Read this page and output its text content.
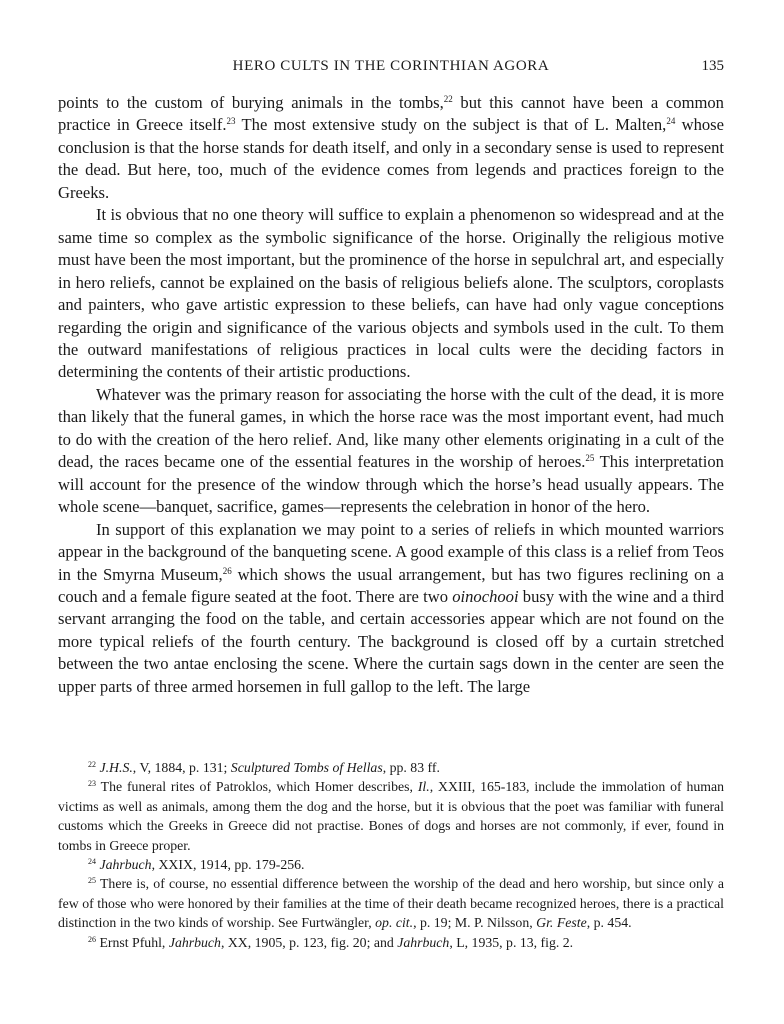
HERO CULTS IN THE CORINTHIAN AGORA	135

points to the custom of burying animals in the tombs,$^{22}$ but this cannot have been a common practice in Greece itself.$^{23}$ The most extensive study on the subject is that of L. Malten,$^{24}$ whose conclusion is that the horse stands for death itself, and only in a secondary sense is used to represent the dead. But here, too, much of the evidence comes from legends and practices foreign to the Greeks.

It is obvious that no one theory will suffice to explain a phenomenon so widespread and at the same time so complex as the symbolic significance of the horse. Originally the religious motive must have been the most important, but the prominence of the horse in sepulchral art, and especially in hero reliefs, cannot be explained on the basis of religious beliefs alone. The sculptors, coroplasts and painters, who gave artistic expression to these beliefs, can have had only vague conceptions regarding the origin and significance of the various objects and symbols used in the cult. To them the outward manifestations of religious practices in local cults were the deciding factors in determining the contents of their artistic productions.

Whatever was the primary reason for associating the horse with the cult of the dead, it is more than likely that the funeral games, in which the horse race was the most important event, had much to do with the creation of the hero relief. And, like many other elements originating in a cult of the dead, the races became one of the essential features in the worship of heroes.$^{25}$ This interpretation will account for the presence of the window through which the horse’s head usually appears. The whole scene—banquet, sacrifice, games—represents the celebration in honor of the hero.

In support of this explanation we may point to a series of reliefs in which mounted warriors appear in the background of the banqueting scene. A good example of this class is a relief from Teos in the Smyrna Museum,$^{26}$ which shows the usual arrangement, but has two figures reclining on a couch and a female figure seated at the foot. There are two oinochooi busy with the wine and a third servant arranging the food on the table, and certain accessories appear which are not found on the more typical reliefs of the fourth century. The background is closed off by a curtain stretched between the two antae enclosing the scene. Where the curtain sags down in the center are seen the upper parts of three armed horsemen in full gallop to the left. The large

$^{22}$ J.H.S., V, 1884, p. 131; Sculptured Tombs of Hellas, pp. 83 ff.

$^{23}$ The funeral rites of Patroklos, which Homer describes, Il., XXIII, 165-183, include the immolation of human victims as well as animals, among them the dog and the horse, but it is obvious that the poet was familiar with funeral customs which the Greeks in Greece did not practise. Bones of dogs and horses are not commonly, if ever, found in tombs in Greece proper.

$^{24}$ Jahrbuch, XXIX, 1914, pp. 179-256.

$^{25}$ There is, of course, no essential difference between the worship of the dead and hero worship, but since only a few of those who were honored by their families at the time of their death became recognized heroes, there is a practical distinction in the two kinds of worship. See Furtwängler, op. cit., p. 19; M. P. Nilsson, Gr. Feste, p. 454.

$^{26}$ Ernst Pfuhl, Jahrbuch, XX, 1905, p. 123, fig. 20; and Jahrbuch, L, 1935, p. 13, fig. 2.
